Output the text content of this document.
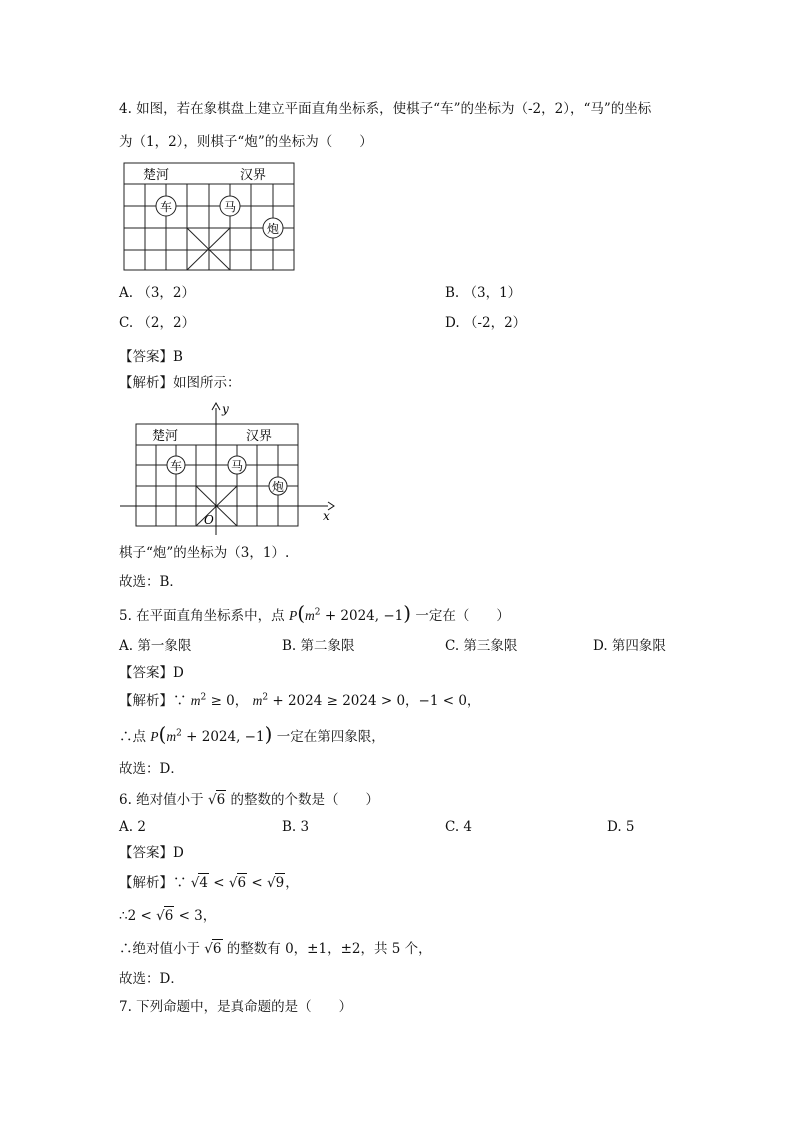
4. 如图，若在象棋盘上建立平面直角坐标系，使棋子“车”的坐标为（-2，2），“马”的坐标
为（1，2），则棋子“炮”的坐标为（　　）
楚河	汉界
车	马
炮
A. （3，2）	B. （3，1）
C. （2，2）	D. （-2，2）
【答案】B
【解析】如图所示：
y
x
O
楚河	汉界
车	马
炮
棋子“炮”的坐标为（3，1）.
故选：B．
5. 在平面直角坐标系中，点 $P(m^2 + 2024$, −1) 一定在（　　）
A. 第一象限	B. 第二象限	C. 第三象限	D. 第四象限
【答案】D
【解析】∵ $m^2 \ge 0$， $m^2 + 2024 \ge 2024 > 0$，−1 < 0，
∴点 $P(m^2 + 2024$, −1) 一定在第四象限，
故选：D．
6. 绝对值小于 √6 的整数的个数是（　　）
A. 2	B. 3	C. 4	D. 5
【答案】D
【解析】∵ √4 < √6 < √9，
∴2 < √6 < 3，
∴绝对值小于 √6 的整数有 0，±1，±2，共 5 个，
故选：D．
7. 下列命题中，是真命题的是（　　）
